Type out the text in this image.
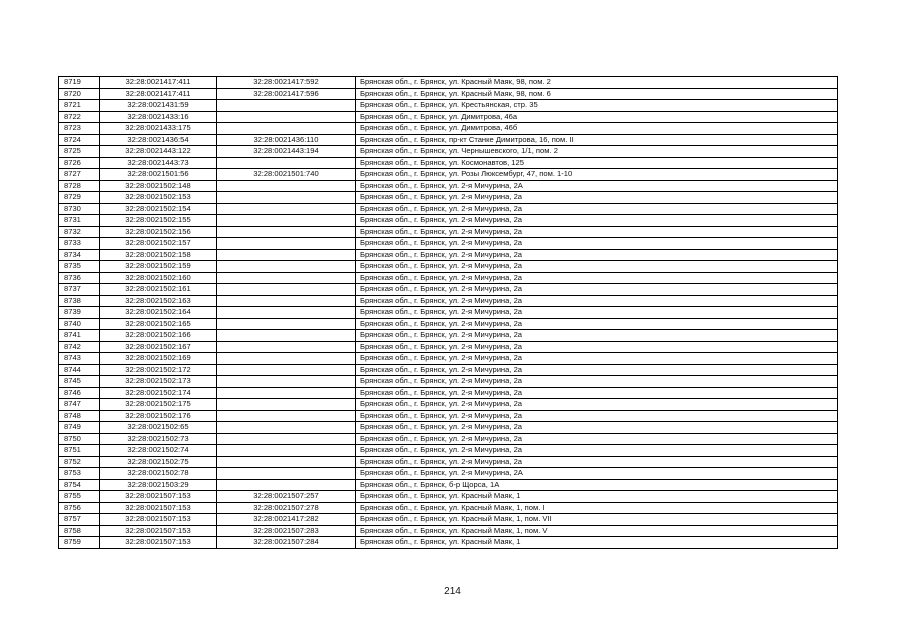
8719	32:28:0021417:411	32:28:0021417:592	Брянская обл., г. Брянск, ул. Красный Маяк, 98, пом. 2
8720	32:28:0021417:411	32:28:0021417:596	Брянская обл., г. Брянск, ул. Красный Маяк, 98, пом. 6
8721	32:28:0021431:59		Брянская обл., г. Брянск, ул. Крестьянская, стр. 35
8722	32:28:0021433:16		Брянская обл., г. Брянск, ул. Димитрова, 46а
8723	32:28:0021433:175		Брянская обл., г. Брянск, ул. Димитрова, 46б
8724	32:28:0021436:54	32:28:0021436:110	Брянская обл., г. Брянск, пр-кт Станке Димитрова, 16, пом. II
8725	32:28:0021443:122	32:28:0021443:194	Брянская обл., г. Брянск, ул. Чернышевского, 1/1, пом. 2
8726	32:28:0021443:73		Брянская обл., г. Брянск, ул. Космонавтов, 125
8727	32:28:0021501:56	32:28:0021501:740	Брянская обл., г. Брянск, ул. Розы Люксембург, 47, пом. 1-10
8728	32:28:0021502:148		Брянская обл., г. Брянск, ул. 2-я Мичурина, 2А
8729	32:28:0021502:153		Брянская обл., г. Брянск, ул. 2-я Мичурина, 2а
8730	32:28:0021502:154		Брянская обл., г. Брянск, ул. 2-я Мичурина, 2а
8731	32:28:0021502:155		Брянская обл., г. Брянск, ул. 2-я Мичурина, 2а
8732	32:28:0021502:156		Брянская обл., г. Брянск, ул. 2-я Мичурина, 2а
8733	32:28:0021502:157		Брянская обл., г. Брянск, ул. 2-я Мичурина, 2а
8734	32:28:0021502:158		Брянская обл., г. Брянск, ул. 2-я Мичурина, 2а
8735	32:28:0021502:159		Брянская обл., г. Брянск, ул. 2-я Мичурина, 2а
8736	32:28:0021502:160		Брянская обл., г. Брянск, ул. 2-я Мичурина, 2а
8737	32:28:0021502:161		Брянская обл., г. Брянск, ул. 2-я Мичурина, 2а
8738	32:28:0021502:163		Брянская обл., г. Брянск, ул. 2-я Мичурина, 2а
8739	32:28:0021502:164		Брянская обл., г. Брянск, ул. 2-я Мичурина, 2а
8740	32:28:0021502:165		Брянская обл., г. Брянск, ул. 2-я Мичурина, 2а
8741	32:28:0021502:166		Брянская обл., г. Брянск, ул. 2-я Мичурина, 2а
8742	32:28:0021502:167		Брянская обл., г. Брянск, ул. 2-я Мичурина, 2а
8743	32:28:0021502:169		Брянская обл., г. Брянск, ул. 2-я Мичурина, 2а
8744	32:28:0021502:172		Брянская обл., г. Брянск, ул. 2-я Мичурина, 2а
8745	32:28:0021502:173		Брянская обл., г. Брянск, ул. 2-я Мичурина, 2а
8746	32:28:0021502:174		Брянская обл., г. Брянск, ул. 2-я Мичурина, 2а
8747	32:28:0021502:175		Брянская обл., г. Брянск, ул. 2-я Мичурина, 2а
8748	32:28:0021502:176		Брянская обл., г. Брянск, ул. 2-я Мичурина, 2а
8749	32:28:0021502:65		Брянская обл., г. Брянск, ул. 2-я Мичурина, 2а
8750	32:28:0021502:73		Брянская обл., г. Брянск, ул. 2-я Мичурина, 2а
8751	32:28:0021502:74		Брянская обл., г. Брянск, ул. 2-я Мичурина, 2а
8752	32:28:0021502:75		Брянская обл., г. Брянск, ул. 2-я Мичурина, 2а
8753	32:28:0021502:78		Брянская обл., г. Брянск, ул. 2-я Мичурина, 2А
8754	32:28:0021503:29		Брянская обл., г. Брянск, б-р Щорса, 1А
8755	32:28:0021507:153	32:28:0021507:257	Брянская обл., г. Брянск, ул. Красный Маяк, 1
8756	32:28:0021507:153	32:28:0021507:278	Брянская обл., г. Брянск, ул. Красный Маяк, 1, пом. I
8757	32:28:0021507:153	32:28:0021417:282	Брянская обл., г. Брянск, ул. Красный Маяк, 1, пом. VII
8758	32:28:0021507:153	32:28:0021507:283	Брянская обл., г. Брянск, ул. Красный Маяк, 1, пом. V
8759	32:28:0021507:153	32:28:0021507:284	Брянская обл., г. Брянск, ул. Красный Маяк, 1
214
